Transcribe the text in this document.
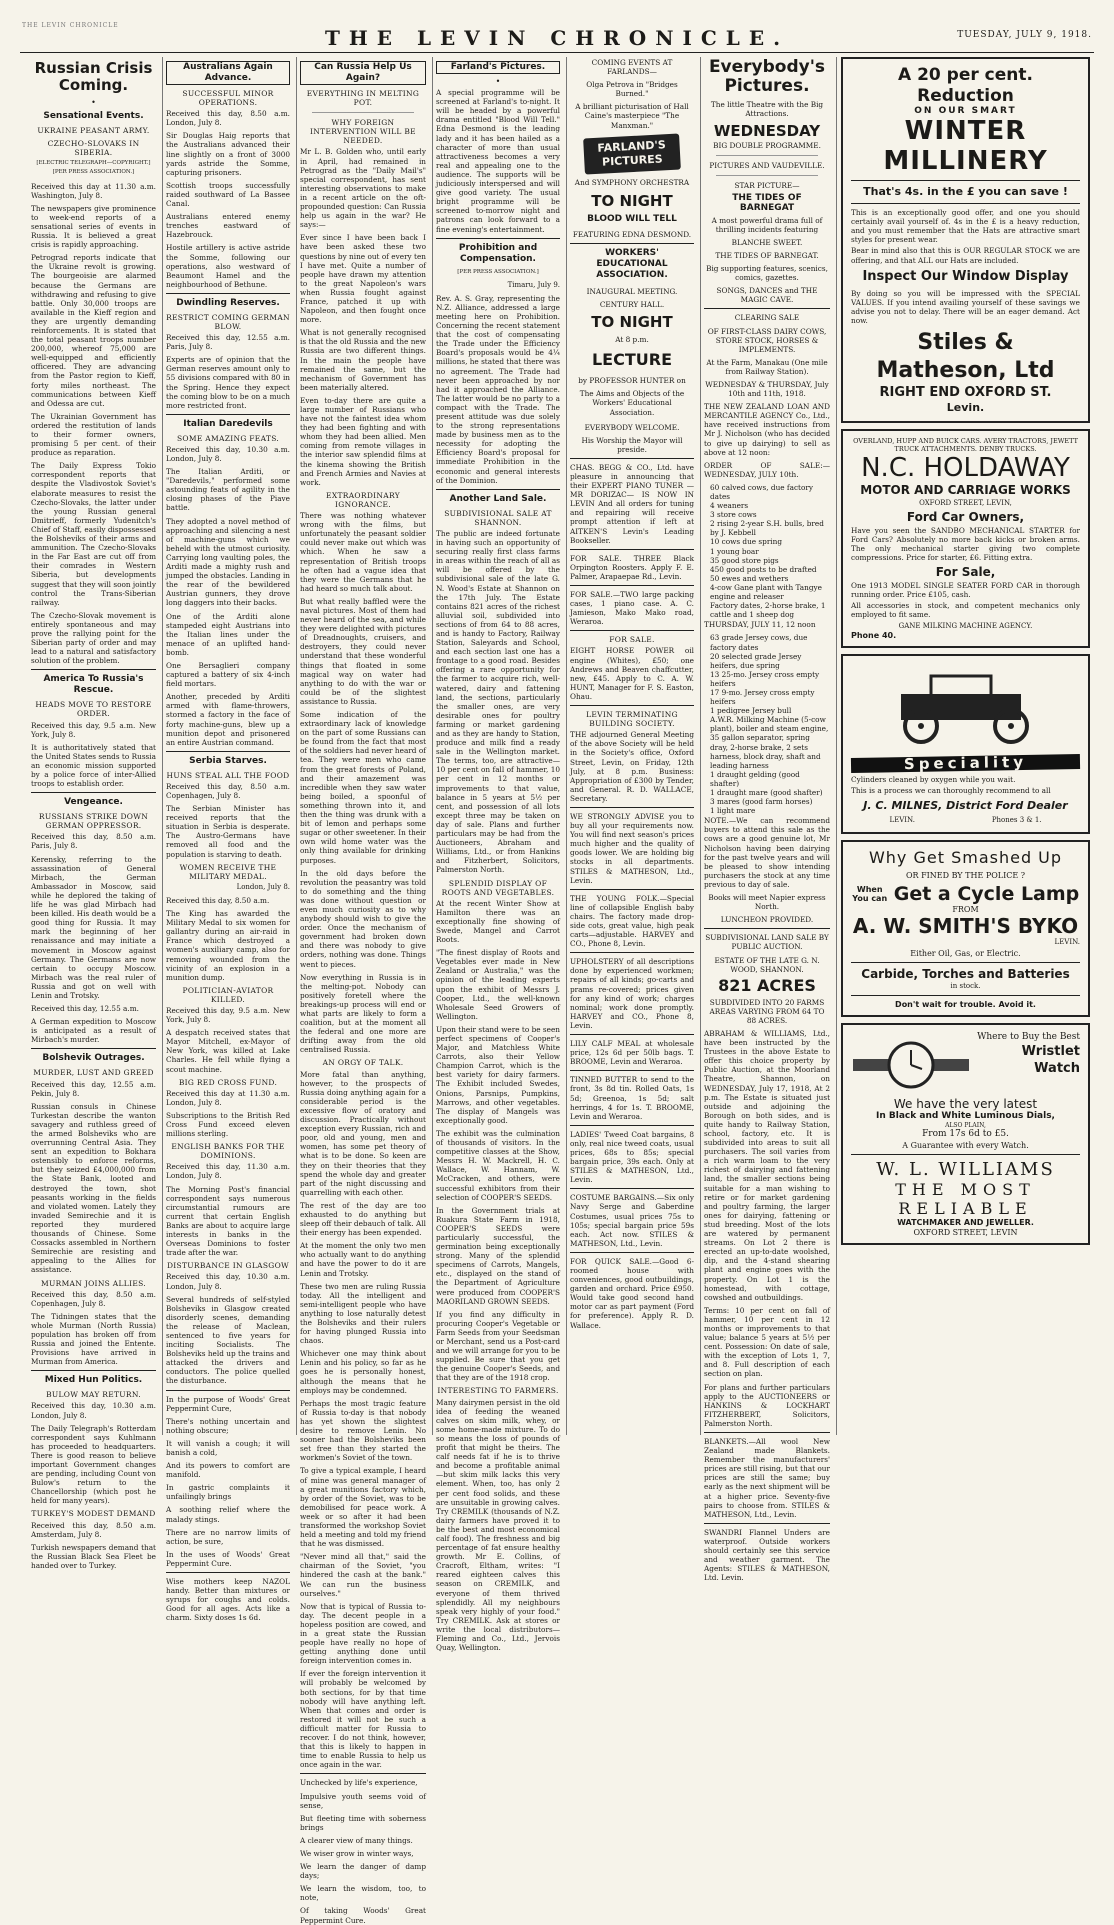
THE LEVIN CHRONICLE
THE LEVIN CHRONICLE.	TUESDAY, JULY 9, 1918.
Russian Crisis Coming.
•
Sensational Events.
UKRAINE PEASANT ARMY.
CZECHO-SLOVAKS IN SIBERIA.

[ELECTRIC TELEGRAPH—COPYRIGHT.] [PER PRESS ASSOCIATION.]

Received this day at 11.30 a.m. Washington, July 8.

The newspapers give prominence to week-end reports of a sensational series of events in Russia. It is believed a great crisis is rapidly approaching.

Petrograd reports indicate that the Ukraine revolt is growing. The bourgeoisie are alarmed because the Germans are withdrawing and refusing to give battle. Only 30,000 troops are available in the Kieff region and they are urgently demanding reinforcements. It is stated that the total peasant troops number 200,000, whereof 75,000 are well-equipped and efficiently officered. They are advancing from the Pastor region to Kieff, forty miles northeast. The communications between Kieff and Odessa are cut.

The Ukrainian Government has ordered the restitution of lands to their former owners, promising 5 per cent. of their produce as reparation.

The Daily Express Tokio correspondent reports that despite the Vladivostok Soviet's elaborate measures to resist the Czecho-Slovaks, the latter under the young Russian general Dmitrieff, formerly Yudenitch's Chief of Staff, easily dispossessed the Bolsheviks of their arms and ammunition. The Czecho-Slovaks in the Far East are cut off from their comrades in Western Siberia, but developments suggest that they will soon jointly control the Trans-Siberian railway.

The Czecho-Slovak movement is entirely spontaneous and may prove the rallying point for the Siberian party of order and may lead to a natural and satisfactory solution of the problem.

America To Russia's Rescue.
HEADS MOVE TO RESTORE ORDER.

Received this day, 9.5 a.m. New York, July 8.

It is authoritatively stated that the United States sends to Russia an economic mission supported by a police force of inter-Allied troops to establish order.

Vengeance.
RUSSIANS STRIKE DOWN GERMAN OPPRESSOR.

Received this day, 8.50 a.m. Paris, July 8.

Kerensky, referring to the assassination of General Mirbach, the German Ambassador in Moscow, said while he deplored the taking of life he was glad Mirbach had been killed. His death would be a good thing for Russia. It may mark the beginning of her renaissance and may initiate a movement in Moscow against Germany. The Germans are now certain to occupy Moscow. Mirbach was the real ruler of Russia and got on well with Lenin and Trotsky.

Received this day, 12.55 a.m.

A German expedition to Moscow is anticipated as a result of Mirbach's murder.

Bolshevik Outrages.
MURDER, LUST AND GREED

Received this day, 12.55 a.m. Pekin, July 8.

Russian consuls in Chinese Turkestan describe the wanton savagery and ruthless greed of the armed Bolsheviks who are overrunning Central Asia. They sent an expedition to Bokhara ostensibly to enforce reforms, but they seized £4,000,000 from the State Bank, looted and destroyed the town, shot peasants working in the fields and violated women. Lately they invaded Semirechie and it is reported they murdered thousands of Chinese. Some Cossacks assembled in Northern Semirechie are resisting and appealing to the Allies for assistance.

MURMAN JOINS ALLIES.

Received this day, 8.50 a.m. Copenhagen, July 8.

The Tidningen states that the whole Murman (North Russia) population has broken off from Russia and joined the Entente. Provisions have arrived in Murman from America.

Mixed Hun Politics.
BULOW MAY RETURN.

Received this day, 10.30 a.m. London, July 8.

The Daily Telegraph's Rotterdam correspondent says Kuhlmann has proceeded to headquarters. There is good reason to believe important Government changes are pending, including Count von Bulow's return to the Chancellorship (which post he held for many years).

TURKEY'S MODEST DEMAND

Received this day, 8.50 a.m. Amsterdam, July 8.

Turkish newspapers demand that the Russian Black Sea Fleet be handed over to Turkey.

Australians Again Advance.
SUCCESSFUL MINOR OPERATIONS.

Received this day, 8.50 a.m. London, July 8.

Sir Douglas Haig reports that the Australians advanced their line slightly on a front of 3000 yards astride the Somme, capturing prisoners.

Scottish troops successfully raided southward of La Bassee Canal.

Australians entered enemy trenches eastward of Hazebrouck.

Hostile artillery is active astride the Somme, following our operations, also westward of Beaumont Hamel and the neighbourhood of Bethune.

Dwindling Reserves.
RESTRICT COMING GERMAN BLOW.

Received this day, 12.55 a.m. Paris, July 8.

Experts are of opinion that the German reserves amount only to 55 divisions compared with 80 in the Spring. Hence they expect the coming blow to be on a much more restricted front.

Italian Daredevils
SOME AMAZING FEATS.

Received this day, 10.30 a.m. London, July 8.

The Italian Arditi, or "Daredevils," performed some astounding feats of agility in the closing phases of the Piave battle.

They adopted a novel method of approaching and silencing a nest of machine-guns which we beheld with the utmost curiosity. Carrying long vaulting poles, the Arditi made a mighty rush and jumped the obstacles. Landing in the rear of the bewildered Austrian gunners, they drove long daggers into their backs.

One of the Arditi alone stampeded eight Austrians into the Italian lines under the menace of an uplifted hand-bomb.

One Bersaglieri company captured a battery of six 4-inch field mortars.

Another, preceded by Arditi armed with flame-throwers, stormed a factory in the face of forty machine-guns, blew up a munition depot and prisonered an entire Austrian command.

Serbia Starves.
HUNS STEAL ALL THE FOOD

Received this day, 8.50 a.m. Copenhagen, July 8.

The Serbian Minister has received reports that the situation in Serbia is desperate. The Austro-Germans have removed all food and the population is starving to death.

WOMEN RECEIVE THE MILITARY MEDAL.

London, July 8.

Received this day, 8.50 a.m.

The King has awarded the Military Medal to six women for gallantry during an air-raid in France which destroyed a women's auxiliary camp, also for removing wounded from the vicinity of an explosion in a munition dump.

POLITICIAN-AVIATOR KILLED.

Received this day, 9.5 a.m. New York, July 8.

A despatch received states that Mayor Mitchell, ex-Mayor of New York, was killed at Lake Charles. He fell while flying a scout machine.

BIG RED CROSS FUND.

Received this day at 11.30 a.m. London, July 8.

Subscriptions to the British Red Cross Fund exceed eleven millions sterling.

ENGLISH BANKS FOR THE DOMINIONS.

Received this day, 11.30 a.m. London, July 8.

The Morning Post's financial correspondent says numerous circumstantial rumours are current that certain English Banks are about to acquire large interests in banks in the Overseas Dominions to foster trade after the war.

DISTURBANCE IN GLASGOW

Received this day, 10.30 a.m. London, July 8.

Several hundreds of self-styled Bolsheviks in Glasgow created disorderly scenes, demanding the release of Maclean, sentenced to five years for inciting Socialists. The Bolsheviks held up the trains and attacked the drivers and conductors. The police quelled the disturbance.

In the purpose of Woods' Great Peppermint Cure,

There's nothing uncertain and nothing obscure;

It will vanish a cough; it will banish a cold,

And its powers to comfort are manifold.

In gastric complaints it unfailingly brings

A soothing relief where the malady stings.

There are no narrow limits of action, be sure,

In the uses of Woods' Great Peppermint Cure.

Wise mothers keep NAZOL handy. Better than mixtures or syrups for coughs and colds. Good for all ages. Acts like a charm. Sixty doses 1s 6d.

Can Russia Help Us Again?
EVERYTHING IN MELTING POT.
WHY FOREIGN INTERVENTION WILL BE NEEDED.

Mr L. B. Golden who, until early in April, had remained in Petrograd as the "Daily Mail's" special correspondent, has sent interesting observations to make in a recent article on the oft-propounded question: Can Russia help us again in the war? He says:—

Ever since I have been back I have been asked these two questions by nine out of every ten I have met. Quite a number of people have drawn my attention to the great Napoleon's wars when Russia fought against France, patched it up with Napoleon, and then fought once more.

What is not generally recognised is that the old Russia and the new Russia are two different things. In the main the people have remained the same, but the mechanism of Government has been materially altered.

Even to-day there are quite a large number of Russians who have not the faintest idea whom they had been fighting and with whom they had been allied. Men coming from remote villages in the interior saw splendid films at the kinema showing the British and French Armies and Navies at work.

EXTRAORDINARY IGNORANCE.

There was nothing whatever wrong with the films, but unfortunately the peasant soldier could never make out which was which. When he saw a representation of British troops he often had a vague idea that they were the Germans that he had heard so much talk about.

But what really baffled were the naval pictures. Most of them had never heard of the sea, and while they were delighted with pictures of Dreadnoughts, cruisers, and destroyers, they could never understand that these wonderful things that floated in some magical way on water had anything to do with the war or could be of the slightest assistance to Russia.

Some indication of the extraordinary lack of knowledge on the part of some Russians can be found from the fact that most of the soldiers had never heard of tea. They were men who came from the great forests of Poland, and their amazement was incredible when they saw water being boiled, a spoonful of something thrown into it, and then the thing was drunk with a bit of lemon and perhaps some sugar or other sweetener. In their own wild home water was the only thing available for drinking purposes.

In the old days before the revolution the peasantry was told to do something and the thing was done without question or even much curiosity as to why anybody should wish to give the order. Once the mechanism of government had broken down and there was nobody to give orders, nothing was done. Things went to pieces.

Now everything in Russia is in the melting-pot. Nobody can positively foretell where the breakings-up process will end or what parts are likely to form a coalition, but at the moment all the federal and one more are drifting away from the old centralised Russia.

AN ORGY OF TALK.

More fatal than anything, however, to the prospects of Russia doing anything again for a considerable period is the excessive flow of oratory and discussion. Practically without exception every Russian, rich and poor, old and young, men and women, has some pet theory of what is to be done. So keen are they on their theories that they spend the whole day and greater part of the night discussing and quarrelling with each other.

The rest of the day are too exhausted to do anything but sleep off their debauch of talk. All their energy has been expended.

At the moment the only two men who actually want to do anything and have the power to do it are Lenin and Trotsky.

These two men are ruling Russia today. All the intelligent and semi-intelligent people who have anything to lose naturally detest the Bolsheviks and their rulers for having plunged Russia into chaos.

Whichever one may think about Lenin and his policy, so far as he goes he is personally honest, although the means that he employs may be condemned.

Perhaps the most tragic feature of Russia to-day is that nobody has yet shown the slightest desire to remove Lenin. No sooner had the Bolsheviks been set free than they started the workmen's Soviet of the town.

To give a typical example, I heard of mine was general manager of a great munitions factory which, by order of the Soviet, was to be demobilised for peace work. A week or so after it had been transformed the workshop Soviet held a meeting and told my friend that he was dismissed.

"Never mind all that," said the chairman of the Soviet, "you hindered the cash at the bank." We can run the business ourselves."

Now that is typical of Russia to-day. The decent people in a hopeless position are cowed, and in a great state the Russian people have really no hope of getting anything done until foreign intervention comes in.

If ever the foreign intervention it will probably be welcomed by both sections, for by that time nobody will have anything left. When that comes and order is restored it will not be such a difficult matter for Russia to recover. I do not think, however, that this is likely to happen in time to enable Russia to help us once again in the war.

Unchecked by life's experience,

Impulsive youth seems void of sense,

But fleeting time with soberness brings

A clearer view of many things.

We wiser grow in winter ways,

We learn the danger of damp days;

We learn the wisdom, too, to note,

Of taking Woods' Great Peppermint Cure.

Farland's Pictures.
•

A special programme will be screened at Farland's to-night. It will be headed by a powerful drama entitled "Blood Will Tell." Edna Desmond is the leading lady and it has been hailed as a character of more than usual attractiveness becomes a very real and appealing one to the audience. The supports will be judiciously interspersed and will give good variety. The usual bright programme will be screened to-morrow night and patrons can look forward to a fine evening's entertainment.

Prohibition and Compensation.

[PER PRESS ASSOCIATION.]

Timaru, July 9.

Rev. A. S. Gray, representing the N.Z. Alliance, addressed a large meeting here on Prohibition. Concerning the recent statement that the cost of compensating the Trade under the Efficiency Board's proposals would be 4¼ millions, he stated that there was no agreement. The Trade had never been approached by nor had it approached the Alliance. The latter would be no party to a compact with the Trade. The present attitude was due solely to the strong representations made by business men as to the necessity for adopting the Efficiency Board's proposal for immediate Prohibition in the economic and general interests of the Dominion.

Another Land Sale.
SUBDIVISIONAL SALE AT SHANNON.

The public are indeed fortunate in having such an opportunity of securing really first class farms in areas within the reach of all as will be offered by the subdivisional sale of the late G. N. Wood's Estate at Shannon on the 17th July. The Estate contains 821 acres of the richest alluvial soil, subdivided into sections of from 64 to 88 acres, and is handy to Factory, Railway Station, Saleyards and School, and each section last one has a frontage to a good road. Besides offering a rare opportunity for the farmer to acquire rich, well-watered, dairy and fattening land, the sections, particularly the smaller ones, are very desirable ones for poultry farming or market gardening and as they are handy to Station, produce and milk find a ready sale in the Wellington market. The terms, too, are attractive—10 per cent on fall of hammer, 10 per cent in 12 months or improvements to that value, balance in 5 years at 5½ per cent, and possession of all lots except three may be taken on day of sale. Plans and further particulars may be had from the Auctioneers, Abraham and Williams, Ltd., or from Hankins and Fitzherbert, Solicitors, Palmerston North.

SPLENDID DISPLAY OF ROOTS AND VEGETABLES.

At the recent Winter Show at Hamilton there was an exceptionally fine showing of Swede, Mangel and Carrot Roots.

"The finest display of Roots and Vegetables ever made in New Zealand or Australia," was the opinion of the leading experts upon the exhibit of Messrs J. Cooper, Ltd., the well-known Wholesale Seed Growers of Wellington.

Upon their stand were to be seen perfect specimens of Cooper's Major, and Matchless White Carrots, also their Yellow Champion Carrot, which is the best variety for dairy farmers. The Exhibit included Swedes, Onions, Parsnips, Pumpkins, Marrows, and other vegetables. The display of Mangels was exceptionally good.

The exhibit was the culmination of thousands of visitors. In the competitive classes at the Show, Messrs H. W. Mackrell, H. C. Wallace, W. Hannam, W. McCracken, and others, were successful exhibitors from their selection of COOPER'S SEEDS.

In the Government trials at Ruakura State Farm in 1918, COOPER'S SEEDS were particularly successful, the germination being exceptionally strong. Many of the splendid specimens of Carrots, Mangels, etc., displayed on the stand of the Department of Agriculture were produced from COOPER'S MAORILAND GROWN SEEDS.

If you find any difficulty in procuring Cooper's Vegetable or Farm Seeds from your Seedsman or Merchant, send us a Post-card and we will arrange for you to be supplied. Be sure that you get the genuine Cooper's Seeds, and that they are of the 1918 crop.

INTERESTING TO FARMERS.

Many dairymen persist in the old idea of feeding the weaned calves on skim milk, whey, or some home-made mixture. To do so means the loss of pounds of profit that might be theirs. The calf needs fat if he is to thrive and become a profitable animal—but skim milk lacks this very element. When, too, has only 2 per cent food solids, and these are unsuitable in growing calves. Try CREMILK (thousands of N.Z. dairy farmers have proved it to be the best and most economical calf food). The freshness and big percentage of fat ensure healthy growth. Mr E. Collins, of Cracroft, Eltham, writes: "I reared eighteen calves this season on CREMILK, and everyone of them thrived splendidly. All my neighbours speak very highly of your food." Try CREMILK. Ask at stores or write the local distributors—Fleming and Co., Ltd., Jervois Quay, Wellington.

COMING EVENTS AT FARLANDS—

Olga Petrova in "Bridges Burned."

A brilliant picturisation of Hall Caine's masterpiece "The Manxman."

FARLAND'S PICTURES

And SYMPHONY ORCHESTRA

TO NIGHT

BLOOD WILL TELL

FEATURING EDNA DESMOND.

WORKERS' EDUCATIONAL ASSOCIATION.

INAUGURAL MEETING.

CENTURY HALL.

TO NIGHT

At 8 p.m.

LECTURE

by PROFESSOR HUNTER on

The Aims and Objects of the Workers' Educational Association.

EVERYBODY WELCOME.

His Worship the Mayor will preside.

CHAS. BEGG & CO., Ltd. have pleasure in announcing that their EXPERT PIANO TUNER —MR DORIZAC— IS NOW IN LEVIN And all orders for tuning and repairing will receive prompt attention if left at AITKEN'S Levin's Leading Bookseller.

FOR SALE. THREE Black Orpington Roosters. Apply F. E. Palmer, Arapaepae Rd., Levin.

FOR SALE.—TWO large packing cases, 1 piano case. A. C. Jamieson, Mako Mako road, Weraroa.

FOR SALE.

EIGHT HORSE POWER oil engine (Whites), £50; one Andrews and Beaven chaffcutter, new, £45. Apply to C. A. W. HUNT, Manager for F. S. Easton, Ohau.

LEVIN TERMINATING BUILDING SOCIETY.

THE adjourned General Meeting of the above Society will be held in the Society's office, Oxford Street, Levin, on Friday, 12th July, at 8 p.m. Business: Appropriation of £300 by Tender, and General. R. D. WALLACE, Secretary.

WE STRONGLY ADVISE you to buy all your requirements now. You will find next season's prices much higher and the quality of goods lower. We are holding big stocks in all departments. STILES & MATHESON, Ltd., Levin.

THE YOUNG FOLK.—Special line of collapsible English baby chairs. The factory made drop-side cots, great value, high peak carts—adjustable. HARVEY and CO., Phone 8, Levin.

UPHOLSTERY of all descriptions done by experienced workmen; repairs of all kinds; go-carts and prams re-covered; prices given for any kind of work; charges nominal; work done promptly. HARVEY and CO., Phone 8, Levin.

LILY CALF MEAL at wholesale price, 12s 6d per 50lb bags. T. BROOME, Levin and Weraroa.

TINNED BUTTER to send to the front, 3s 8d tin. Rolled Oats, 1s 5d; Greenoa, 1s 5d; salt herrings, 4 for 1s. T. BROOME, Levin and Weraroa.

LADIES' Tweed Coat bargains, 8 only, real nice tweed coats, usual prices, 68s to 85s; special bargain price, 39s each. Only at STILES & MATHESON, Ltd., Levin.

COSTUME BARGAINS.—Six only Navy Serge and Gaberdine Costumes, usual prices 75s to 105s; special bargain price 59s each. Act now. STILES & MATHESON, Ltd., Levin.

FOR QUICK SALE.—Good 6-roomed house with conveniences, good outbuildings, garden and orchard. Price £950. Would take good second hand motor car as part payment (Ford for preference). Apply R. D. Wallace.

Everybody's Pictures.

The little Theatre with the Big Attractions.

WEDNESDAY

BIG DOUBLE PROGRAMME.

PICTURES AND VAUDEVILLE.

STAR PICTURE—

THE TIDES OF BARNEGAT

A most powerful drama full of thrilling incidents featuring

BLANCHE SWEET.

THE TIDES OF BARNEGAT.

Big supporting features, scenics, comics, gazettes.

SONGS, DANCES and THE MAGIC CAVE.

CLEARING SALE

OF FIRST-CLASS DAIRY COWS, STORE STOCK, HORSES & IMPLEMENTS.

At the Farm, Manakau (One mile from Railway Station).

WEDNESDAY & THURSDAY, July 10th and 11th, 1918.

THE NEW ZEALAND LOAN AND MERCANTILE AGENCY Co., Ltd., have received instructions from Mr J. Nicholson (who has decided to give up dairying) to sell as above at 12 noon:

ORDER OF SALE:— WEDNESDAY, JULY 10th.

60 calved cows, due factory dates
4 weaners
3 store cows
2 rising 2-year S.H. bulls, bred by J. Kebbell
10 cows due spring
1 young boar
35 good store pigs
450 good posts to be drafted
50 ewes and wethers
4-cow Gane plant with Tangye engine and releaser
Factory dates, 2-horse brake, 1 cattle and 1 sheep dog

THURSDAY, JULY 11, 12 noon

63 grade Jersey cows, due factory dates
20 selected grade Jersey heifers, due spring
13 25-mo. Jersey cross empty heifers
17 9-mo. Jersey cross empty heifers
1 pedigree Jersey bull
A.W.R. Milking Machine (5-cow plant), boiler and steam engine, 35 gallon separator, spring dray, 2-horse brake, 2 sets harness, block dray, shaft and leading harness
1 draught gelding (good shafter)
1 draught mare (good shafter)
3 mares (good farm horses)
1 light mare

NOTE.—We can recommend buyers to attend this sale as the cows are a good genuine lot, Mr Nicholson having been dairying for the past twelve years and will be pleased to show intending purchasers the stock at any time previous to day of sale.

Books will meet Napier express North.

LUNCHEON PROVIDED.

SUBDIVISIONAL LAND SALE BY PUBLIC AUCTION.

ESTATE OF THE LATE G. N. WOOD, SHANNON.

821 ACRES

SUBDIVIDED INTO 20 FARMS AREAS VARYING FROM 64 TO 88 ACRES.

ABRAHAM & WILLIAMS, Ltd., have been instructed by the Trustees in the above Estate to offer this choice property by Public Auction, at the Moorland Theatre, Shannon, on WEDNESDAY, July 17, 1918, At 2 p.m. The Estate is situated just outside and adjoining the Borough on both sides, and is quite handy to Railway Station, school, factory, etc. It is subdivided into areas to suit all purchasers. The soil varies from a rich warm loam to the very richest of dairying and fattening land, the smaller sections being suitable for a man wishing to retire or for market gardening and poultry farming, the larger ones for dairying, fattening or stud breeding. Most of the lots are watered by permanent streams. On Lot 2 there is erected an up-to-date woolshed, dip, and the 4-stand shearing plant and engine goes with the property. On Lot 1 is the homestead, with cottage, cowshed and outbuildings.

Terms: 10 per cent on fall of hammer, 10 per cent in 12 months or improvements to that value; balance 5 years at 5½ per cent. Possession: On date of sale, with the exception of Lots 1, 7, and 8. Full description of each section on plan.

For plans and further particulars apply to the AUCTIONEERS or HANKINS & LOCKHART FITZHERBERT, Solicitors, Palmerston North.

BLANKETS.—All wool New Zealand made Blankets. Remember the manufacturers' prices are still rising, but that our prices are still the same; buy early as the next shipment will be at a higher price. Seventy-five pairs to choose from. STILES & MATHESON, Ltd., Levin.

SWANDRI Flannel Unders are waterproof. Outside workers should certainly see this service and weather garment. The Agents: STILES & MATHESON, Ltd. Levin.

A 20 per cent. Reduction
ON OUR SMART
WINTER MILLINERY
That's 4s. in the £ you can save !

This is an exceptionally good offer, and one you should certainly avail yourself of. 4s in the £ is a heavy reduction, and you must remember that the Hats are attractive smart styles for present wear.

Bear in mind also that this is OUR REGULAR STOCK we are offering, and that ALL our Hats are included.

Inspect Our Window Display

By doing so you will be impressed with the SPECIAL VALUES. If you intend availing yourself of these savings we advise you not to delay. There will be an eager demand. Act now.

Stiles & Matheson, Ltd
RIGHT END OXFORD ST.
Levin.
OVERLAND, HUPP AND BUICK CARS. AVERY TRACTORS, JEWETT TRUCK ATTACHMENTS. DENBY TRUCKS.
N.C. HOLDAWAY
MOTOR AND CARRIAGE WORKS
OXFORD STREET, LEVIN,
Ford Car Owners,

Have you seen the SANDBO MECHANICAL STARTER for Ford Cars? Absolutely no more back kicks or broken arms. The only mechanical starter giving two complete compressions. Price for starter, £6. Fitting extra.

For Sale,

One 1913 MODEL SINGLE SEATER FORD CAR in thorough running order. Price £105, cash.

All accessories in stock, and competent mechanics only employed to fit same.

GANE MILKING MACHINE AGENCY.
Phone 40.
Speciality

Cylinders cleaned by oxygen while you wait.

This is a process we can thoroughly recommend to all

J. C. MILNES, District Ford Dealer
LEVIN.	Phones 3 & 1.
Why Get Smashed Up
OR FINED BY THE POLICE ?
When You can Get a Cycle Lamp
FROM
A. W. SMITH'S BYKO
LEVIN.
Either Oil, Gas, or Electric.
Carbide, Torches and Batteries
in stock.
Don't wait for trouble. Avoid it.
Where to Buy the Best
Wristlet Watch
We have the very latest
In Black and White Luminous Dials,
ALSO PLAIN,
From 17s 6d to £5.
A Guarantee with every Watch.
W. L. WILLIAMS
THE MOST RELIABLE
WATCHMAKER AND JEWELLER.
OXFORD STREET, LEVIN
